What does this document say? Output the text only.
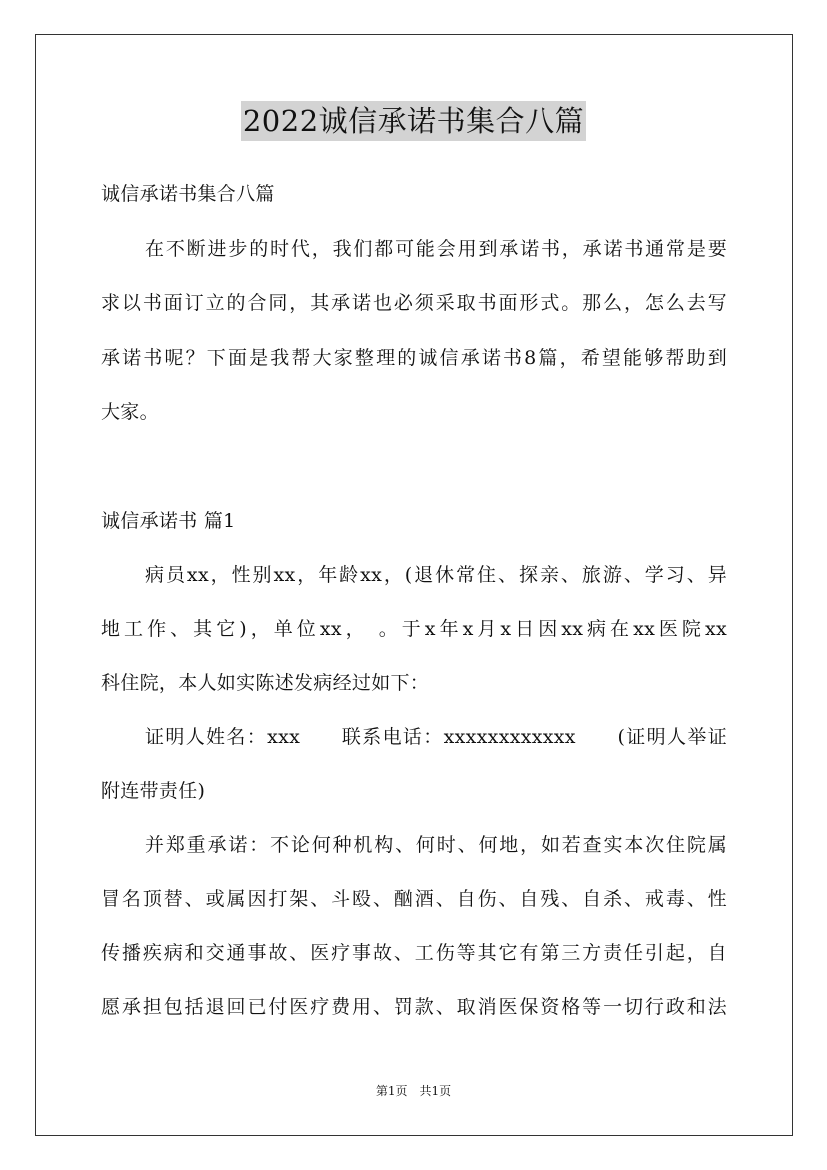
2022诚信承诺书集合八篇
诚信承诺书集合八篇
在不断进步的时代，我们都可能会用到承诺书，承诺书通常是要
求以书面订立的合同，其承诺也必须采取书面形式。那么，怎么去写
承诺书呢？下面是我帮大家整理的诚信承诺书8篇，希望能够帮助到
大家。
诚信承诺书 篇1
病员xx，性别xx，年龄xx，(退休常住、探亲、旅游、学习、异
地工作、其它)，单位xx， 。于x年x月x日因xx病在xx医院xx
科住院，本人如实陈述发病经过如下：
证明人姓名：xxx　　联系电话：xxxxxxxxxxxx　　(证明人举证
附连带责任)
并郑重承诺：不论何种机构、何时、何地，如若查实本次住院属
冒名顶替、或属因打架、斗殴、酗酒、自伤、自残、自杀、戒毒、性
传播疾病和交通事故、医疗事故、工伤等其它有第三方责任引起，自
愿承担包括退回已付医疗费用、罚款、取消医保资格等一切行政和法
第1页　共1页
